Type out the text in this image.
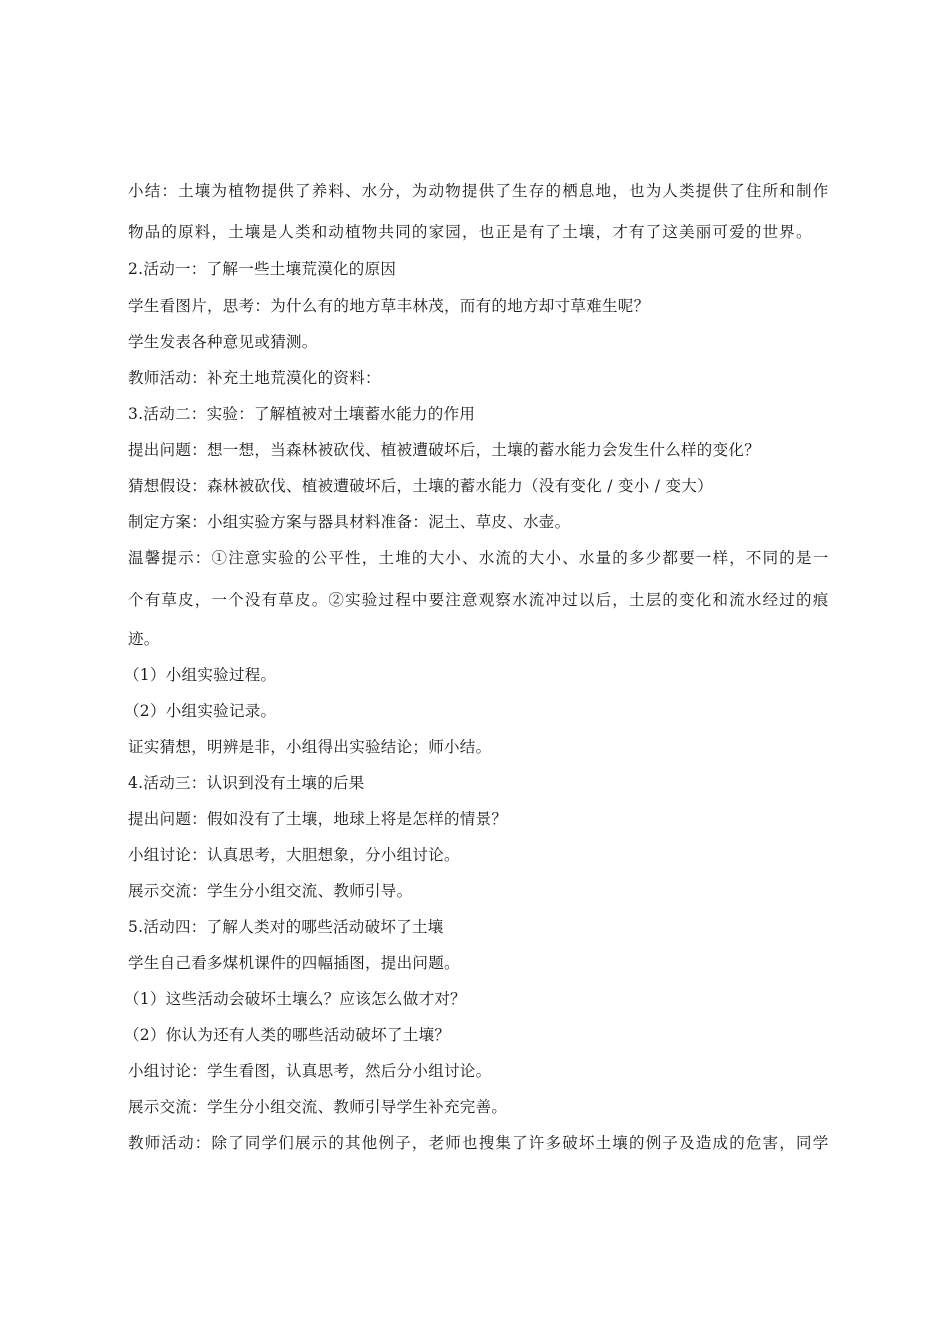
小结：土壤为植物提供了养料、水分，为动物提供了生存的栖息地，也为人类提供了住所和制作
物品的原料，土壤是人类和动植物共同的家园，也正是有了土壤，才有了这美丽可爱的世界。
2.活动一：了解一些土壤荒漠化的原因
学生看图片，思考：为什么有的地方草丰林茂，而有的地方却寸草难生呢？
学生发表各种意见或猜测。
教师活动：补充土地荒漠化的资料：
3.活动二：实验：了解植被对土壤蓄水能力的作用
提出问题：想一想，当森林被砍伐、植被遭破坏后，土壤的蓄水能力会发生什么样的变化？
猜想假设：森林被砍伐、植被遭破坏后，土壤的蓄水能力（没有变化 / 变小 / 变大）
制定方案：小组实验方案与器具材料准备：泥土、草皮、水壶。
温馨提示：①注意实验的公平性，土堆的大小、水流的大小、水量的多少都要一样，不同的是一
个有草皮，一个没有草皮。②实验过程中要注意观察水流冲过以后，土层的变化和流水经过的痕
迹。
（1）小组实验过程。
（2）小组实验记录。
证实猜想，明辨是非，小组得出实验结论；师小结。
4.活动三：认识到没有土壤的后果
提出问题：假如没有了土壤，地球上将是怎样的情景？
小组讨论：认真思考，大胆想象，分小组讨论。
展示交流：学生分小组交流、教师引导。
5.活动四：了解人类对的哪些活动破坏了土壤
学生自己看多煤机课件的四幅插图，提出问题。
（1）这些活动会破坏土壤么？应该怎么做才对？
（2）你认为还有人类的哪些活动破坏了土壤？
小组讨论：学生看图，认真思考，然后分小组讨论。
展示交流：学生分小组交流、教师引导学生补充完善。
教师活动：除了同学们展示的其他例子，老师也搜集了许多破坏土壤的例子及造成的危害，同学
